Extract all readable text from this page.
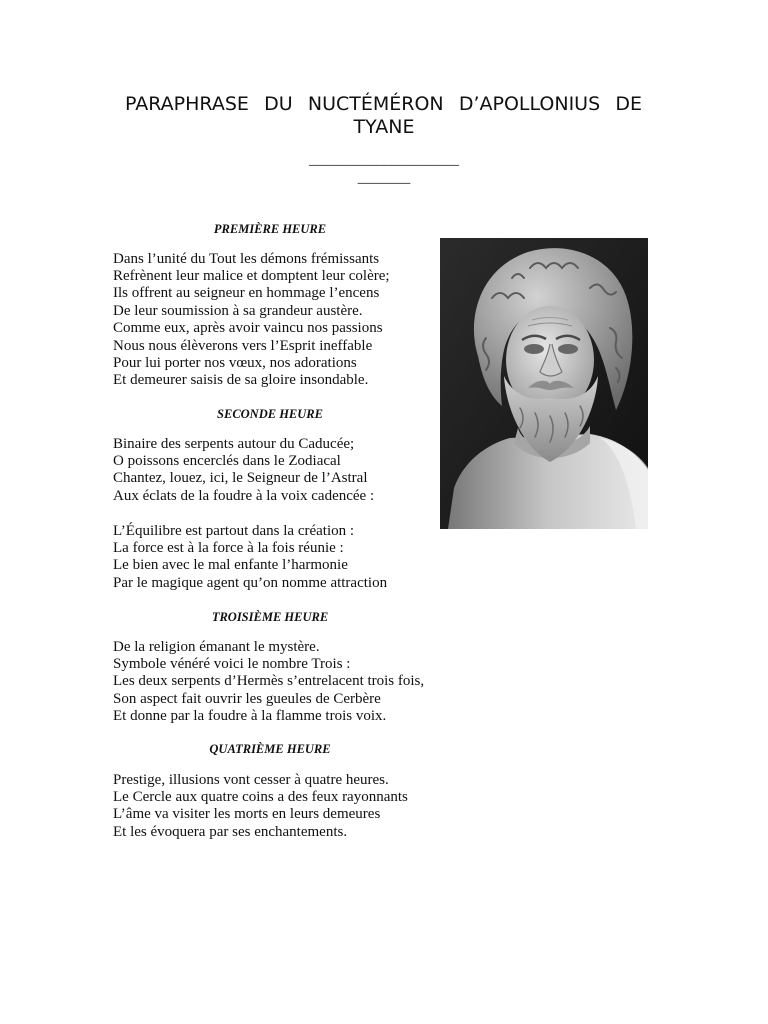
PARAPHRASE DU NUCTÉMÉRON D’APOLLONIUS DE
TYANE
____________________
_______
PREMIÈRE HEURE
Dans l’unité du Tout les démons frémissants
Refrènent leur malice et domptent leur colère;
Ils offrent au seigneur en hommage l’encens
De leur soumission à sa grandeur austère.
Comme eux, après avoir vaincu nos passions
Nous nous élèverons vers l’Esprit ineffable
Pour lui porter nos vœux, nos adorations
Et demeurer saisis de sa gloire insondable.
SECONDE HEURE
Binaire des serpents autour du Caducée;
O poissons encerclés dans le Zodiacal
Chantez, louez, ici, le Seigneur de l’Astral
Aux éclats de la foudre à la voix cadencée :
L’Équilibre est partout dans la création :
La force est à la force à la fois réunie :
Le bien avec le mal enfante l’harmonie
Par le magique agent qu’on nomme attraction
TROISIÈME HEURE
De la religion émanant le mystère.
Symbole vénéré voici le nombre Trois :
Les deux serpents d’Hermès s’entrelacent trois fois,
Son aspect fait ouvrir les gueules de Cerbère
Et donne par la foudre à la flamme trois voix.
QUATRIÈME HEURE
Prestige, illusions vont cesser à quatre heures.
Le Cercle aux quatre coins a des feux rayonnants
L’âme va visiter les morts en leurs demeures
Et les évoquera par ses enchantements.
